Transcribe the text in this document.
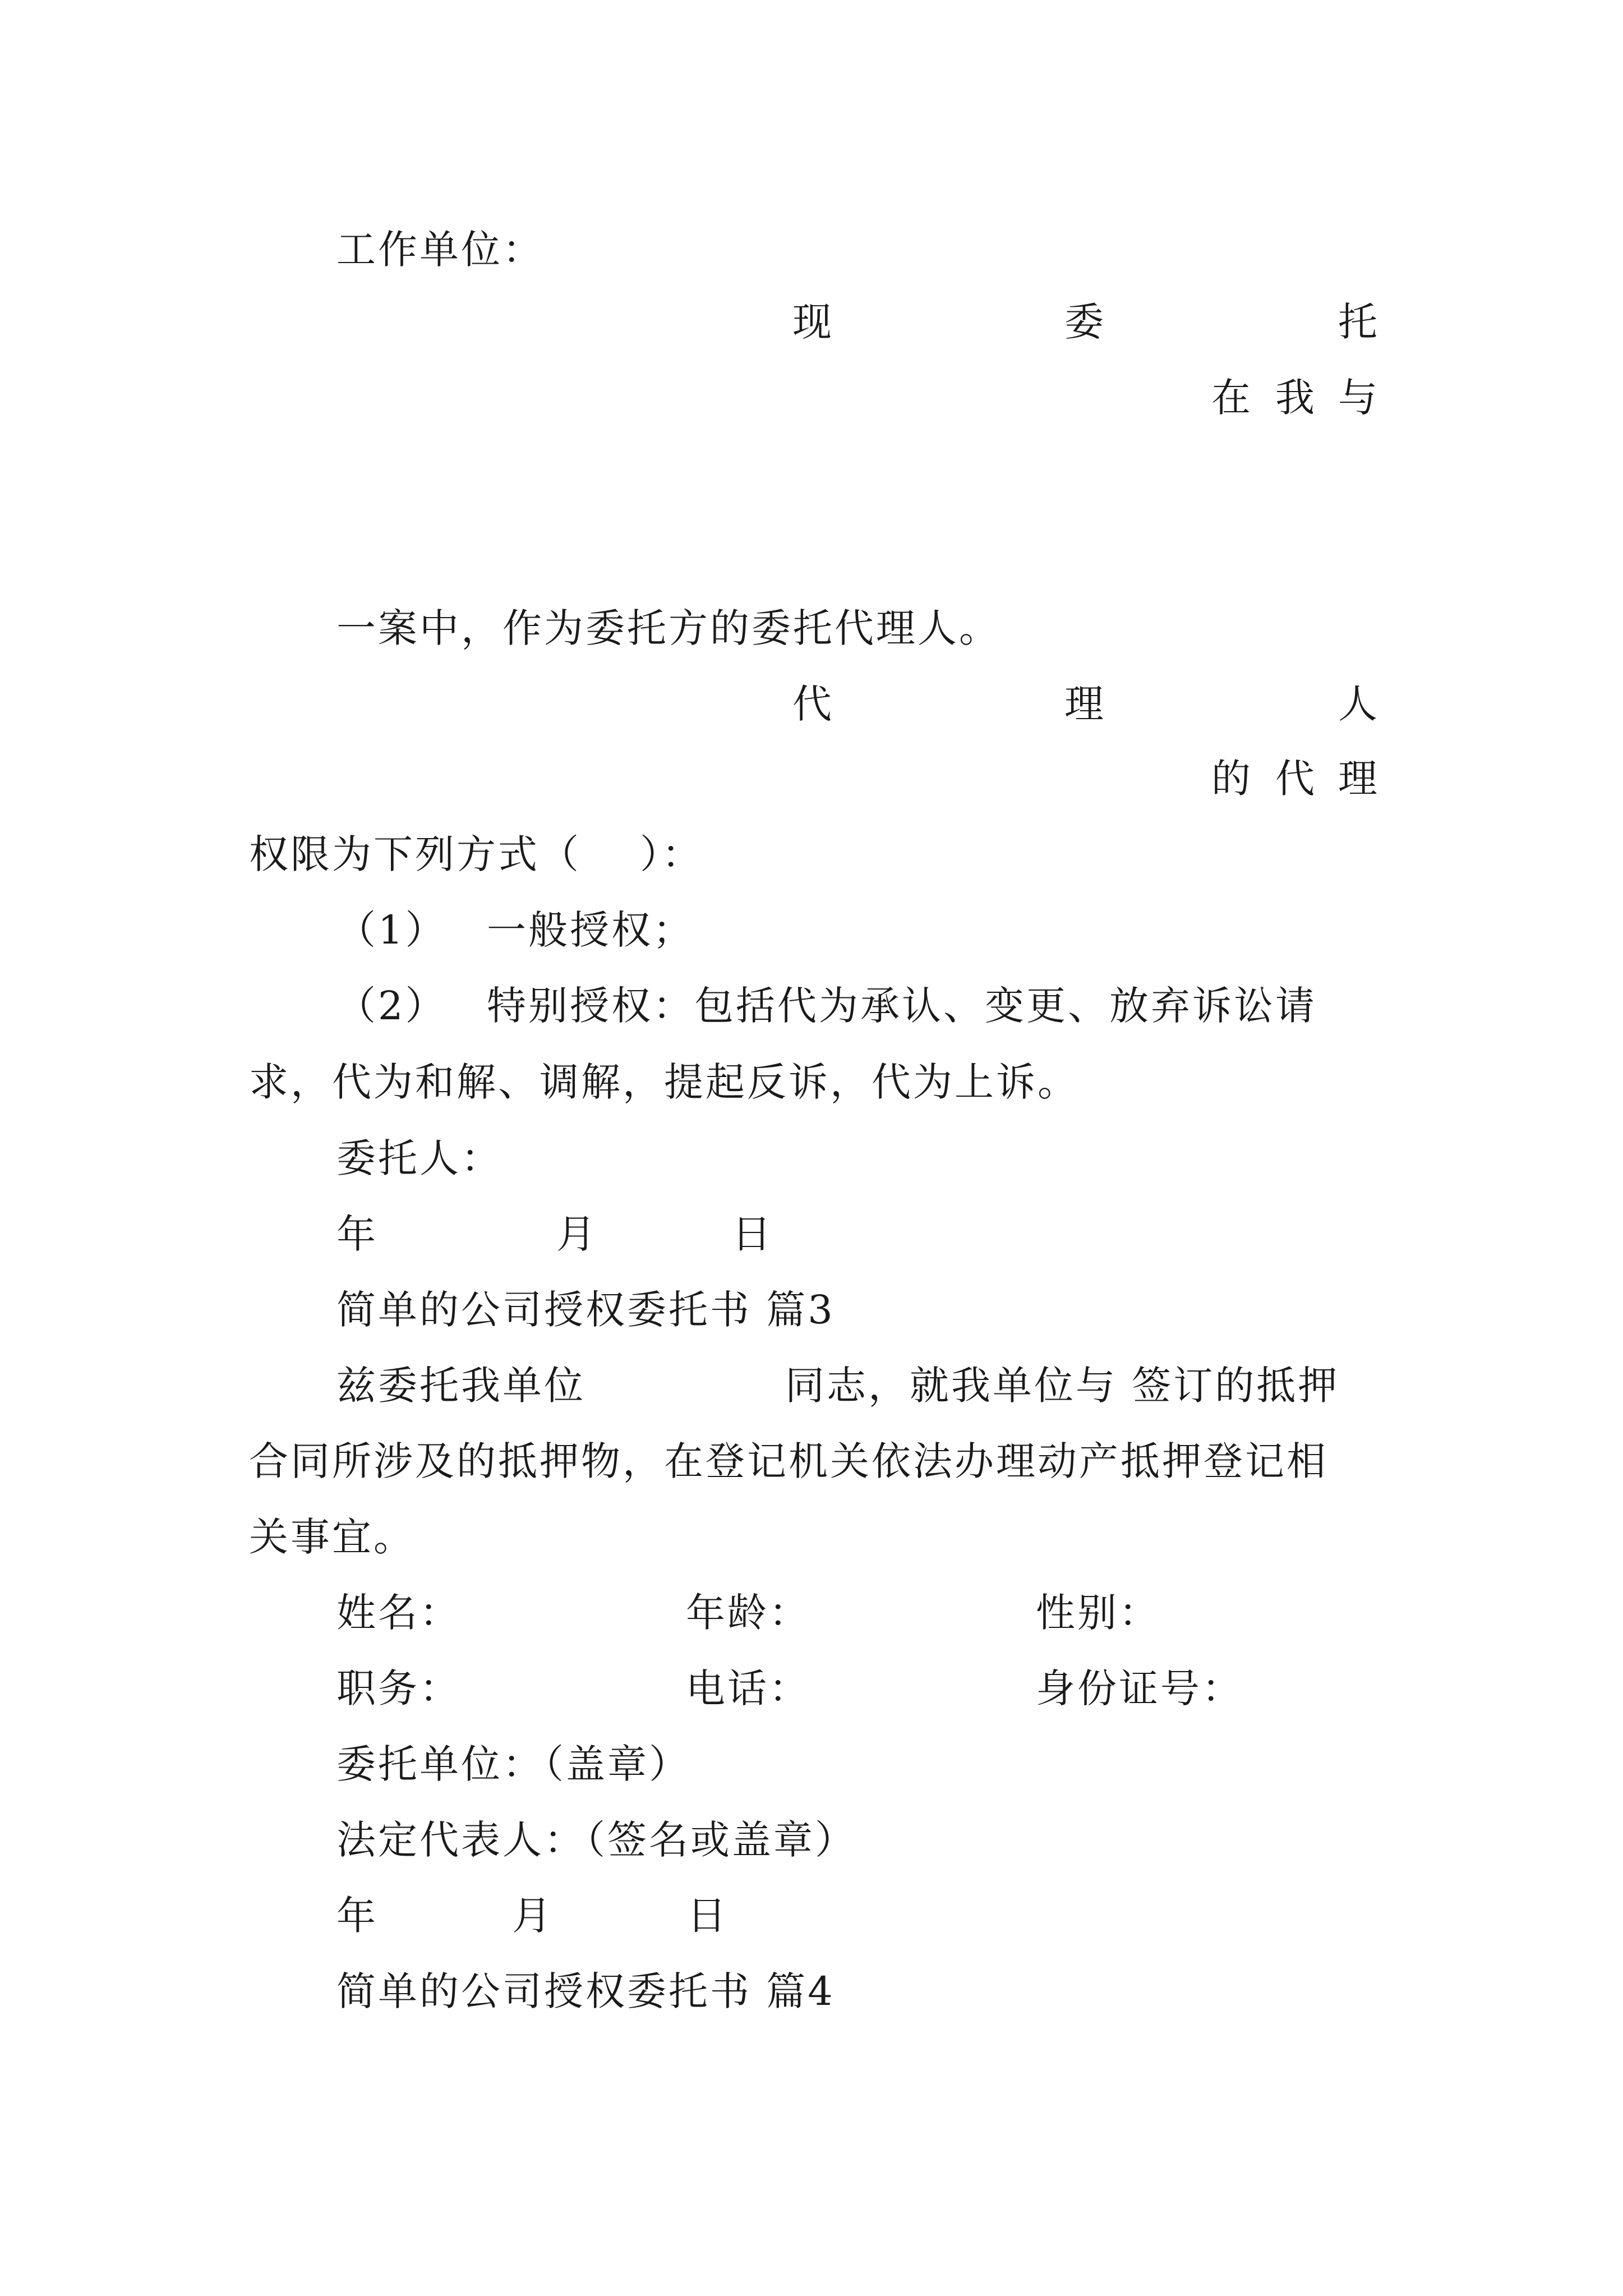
工作单位：
现	委	托
在 我 与
一案中，作为委托方的委托代理人。
代	理	人
的 代 理
权限为下列方式（    ）：
（1） 一般授权；
（2） 特别授权：包括代为承认、变更、放弃诉讼请
求，代为和解、调解，提起反诉，代为上诉。
委托人：
年	月	日
简单的公司授权委托书 篇3
兹委托我单位	同志，就我单位与 签订的抵押
合同所涉及的抵押物，在登记机关依法办理动产抵押登记相
关事宜。
姓名：	年龄：	性别：
职务：	电话：	身份证号：
委托单位：（盖章）
法定代表人：（签名或盖章）
年	月	日
简单的公司授权委托书 篇4
